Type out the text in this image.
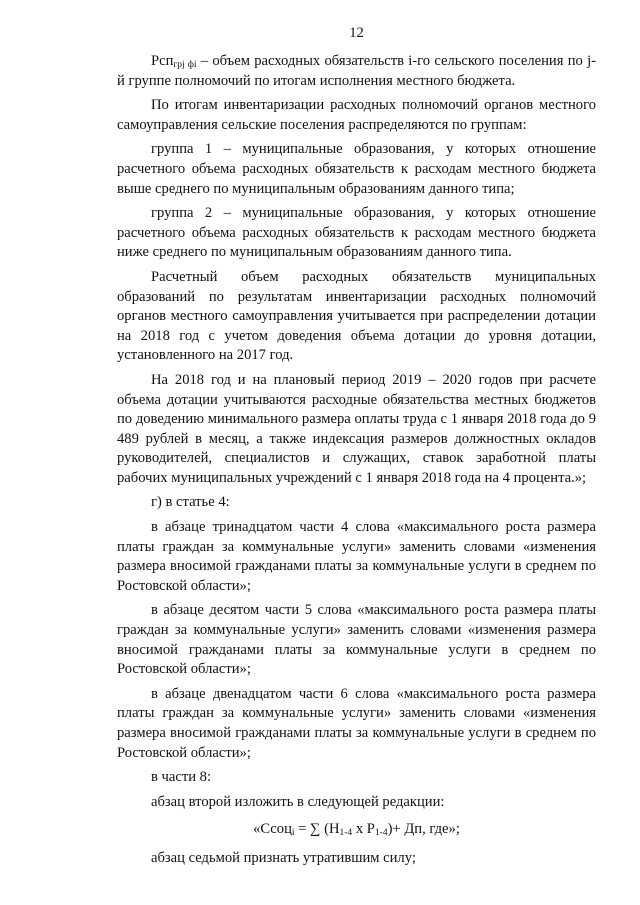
12

Рсп$_{грj фi}$ – объем расходных обязательств i-го сельского поселения по j-й группе полномочий по итогам исполнения местного бюджета.

По итогам инвентаризации расходных полномочий органов местного самоуправления сельские поселения распределяются по группам:

группа 1 – муниципальные образования, у которых отношение расчетного объема расходных обязательств к расходам местного бюджета выше среднего по муниципальным образованиям данного типа;

группа 2 – муниципальные образования, у которых отношение расчетного объема расходных обязательств к расходам местного бюджета ниже среднего по муниципальным образованиям данного типа.

Расчетный объем расходных обязательств муниципальных образований по результатам инвентаризации расходных полномочий органов местного самоуправления учитывается при распределении дотации на 2018 год с учетом доведения объема дотации до уровня дотации, установленного на 2017 год.

На 2018 год и на плановый период 2019 – 2020 годов при расчете объема дотации учитываются расходные обязательства местных бюджетов по доведению минимального размера оплаты труда с 1 января 2018 года до 9 489 рублей в месяц, а также индексация размеров должностных окладов руководителей, специалистов и служащих, ставок заработной платы рабочих муниципальных учреждений с 1 января 2018 года на 4 процента.»;

г) в статье 4:

в абзаце тринадцатом части 4 слова «максимального роста размера платы граждан за коммунальные услуги» заменить словами «изменения размера вносимой гражданами платы за коммунальные услуги в среднем по Ростовской области»;

в абзаце десятом части 5 слова «максимального роста размера платы граждан за коммунальные услуги» заменить словами «изменения размера вносимой гражданами платы за коммунальные услуги в среднем по Ростовской области»;

в абзаце двенадцатом части 6 слова «максимального роста размера платы граждан за коммунальные услуги» заменить словами «изменения размера вносимой гражданами платы за коммунальные услуги в среднем по Ростовской области»;

в части 8:

абзац второй изложить в следующей редакции:

«Ссоц$_i$ = ∑ ($Н_{1-4}$ х $Р_{1-4})+$ Дп, где»;

абзац седьмой признать утратившим силу;
